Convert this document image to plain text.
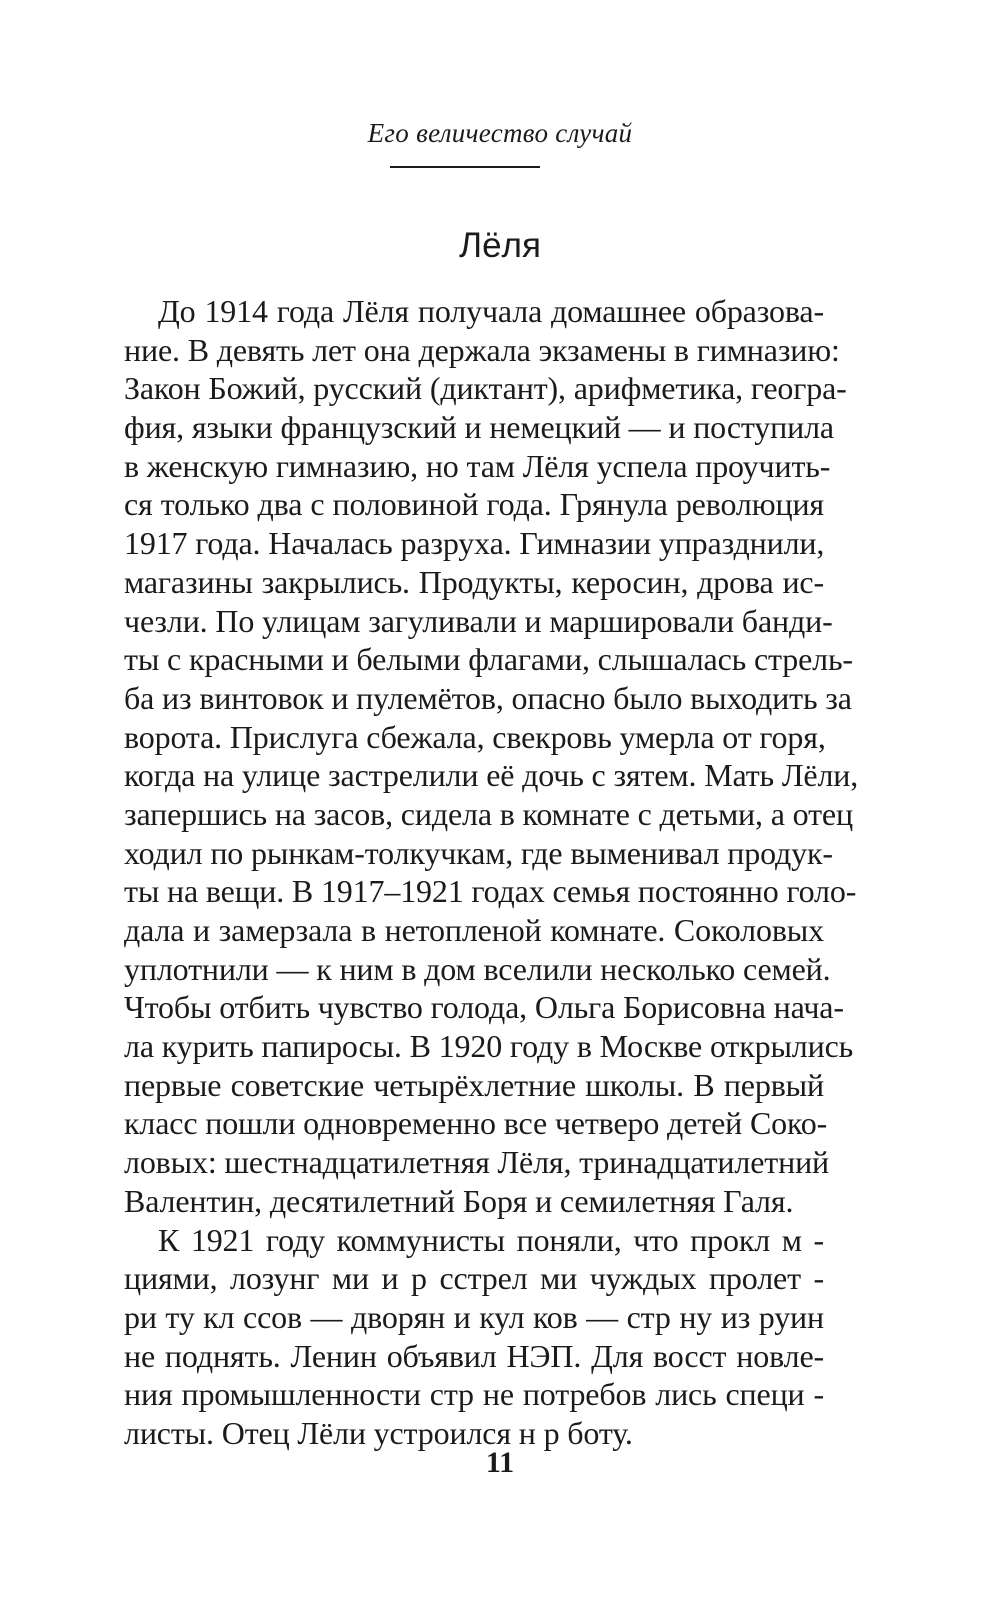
Его величество случай
Лёля
До 1914 года Лёля получала домашнее образова-
ние. В девять лет она держала экзамены в гимназию:
Закон Божий, русский (диктант), арифметика, геогра-
фия, языки французский и немецкий — и поступила
в женскую гимназию, но там Лёля успела проучить-
ся только два с половиной года. Грянула революция
1917 года. Началась разруха. Гимназии упразднили,
магазины закрылись. Продукты, керосин, дрова ис-
чезли. По улицам загуливали и маршировали банди-
ты с красными и белыми флагами, слышалась стрель-
ба из винтовок и пулемётов, опасно было выходить за
ворота. Прислуга сбежала, свекровь умерла от горя,
когда на улице застрелили её дочь с зятем. Мать Лёли,
запершись на засов, сидела в комнате с детьми, а отец
ходил по рынкам-толкучкам, где выменивал продук-
ты на вещи. В 1917–1921 годах семья постоянно голо-
дала и замерзала в нетопленой комнате. Соколовых
уплотнили — к ним в дом вселили несколько семей.
Чтобы отбить чувство голода, Ольга Борисовна нача-
ла курить папиросы. В 1920 году в Москве открылись
первые советские четырёхлетние школы. В первый
класс пошли одновременно все четверо детей Соко-
ловых: шестнадцатилетняя Лёля, тринадцатилетний
Валентин, десятилетний Боря и семилетняя Галя.
К 1921 году коммунисты поняли, что прокл м -
циями, лозунг ми и р сстрел ми чуждых пролет -
ри ту кл ссов — дворян и кул ков — стр ну из руин
не поднять. Ленин объявил НЭП. Для восст новле-
ния промышленности стр не потребов лись специ -
листы. Отец Лёли устроился н р боту.
11
